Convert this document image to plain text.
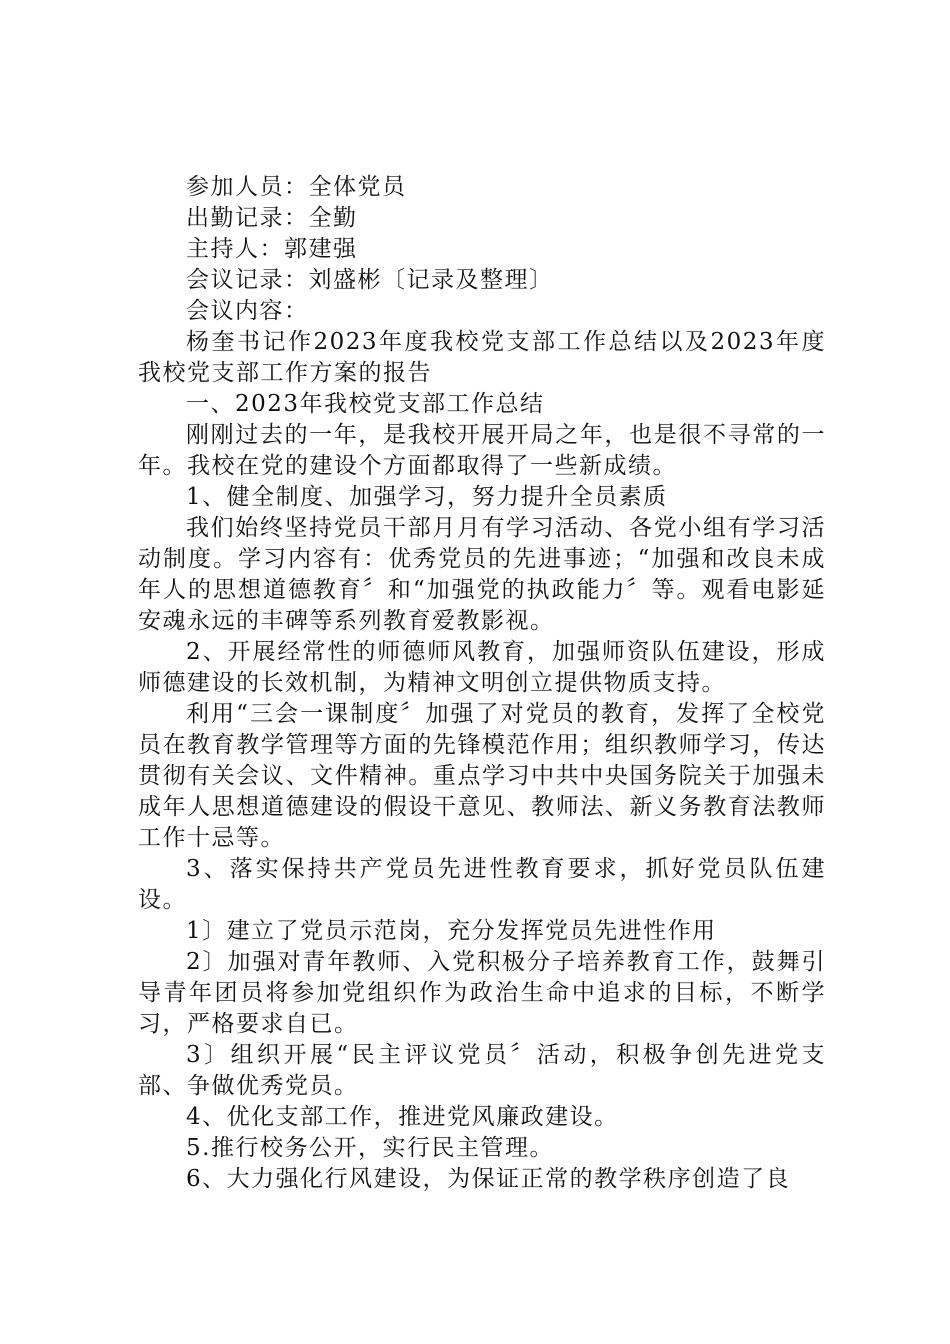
参加人员：全体党员

出勤记录：全勤

主持人：郭建强

会议记录：刘盛彬〔记录及整理〕

会议内容：

杨奎书记作2023年度我校党支部工作总结以及2023年度我校党支部工作方案的报告

一、2023年我校党支部工作总结

刚刚过去的一年，是我校开展开局之年，也是很不寻常的一年。我校在党的建设个方面都取得了一些新成绩。

1、健全制度、加强学习，努力提升全员素质

我们始终坚持党员干部月月有学习活动、各党小组有学习活动制度。学习内容有：优秀党员的先进事迹；“加强和改良未成年人的思想道德教育〞和“加强党的执政能力〞等。观看电影延安魂永远的丰碑等系列教育爱教影视。

2、开展经常性的师德师风教育，加强师资队伍建设，形成师德建设的长效机制，为精神文明创立提供物质支持。

利用“三会一课制度〞加强了对党员的教育，发挥了全校党员在教育教学管理等方面的先锋模范作用；组织教师学习，传达贯彻有关会议、文件精神。重点学习中共中央国务院关于加强未成年人思想道德建设的假设干意见、教师法、新义务教育法教师工作十忌等。

3、落实保持共产党员先进性教育要求，抓好党员队伍建设。

1〕建立了党员示范岗，充分发挥党员先进性作用

2〕加强对青年教师、入党积极分子培养教育工作，鼓舞引导青年团员将参加党组织作为政治生命中追求的目标，不断学习，严格要求自已。

3〕组织开展“民主评议党员〞活动，积极争创先进党支部、争做优秀党员。

4、优化支部工作，推进党风廉政建设。

5.推行校务公开，实行民主管理。

6、大力强化行风建设，为保证正常的教学秩序创造了良
